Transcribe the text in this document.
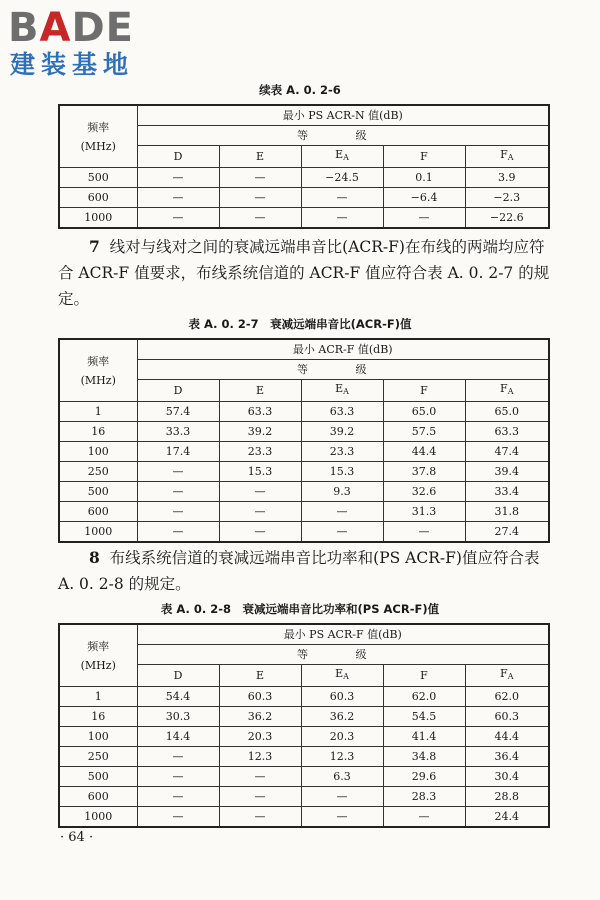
BADE
建装基地
续表 A. 0. 2-6
频率
(MHz)	最小 PS ACR-N 值(dB)				
	等 级				
	D	E	$E_A$	F	$F_A$
500	—	—	−24.5	0.1	3.9
600	—	—	—	−6.4	−2.3
1000	—	—	—	—	−22.6
7 线对与线对之间的衰减远端串音比(ACR-F)在布线的两端均应符合 ACR-F 值要求，布线系统信道的 ACR-F 值应符合表 A. 0. 2-7 的规定。
表 A. 0. 2-7　衰减远端串音比(ACR-F)值
频率
(MHz)	最小 ACR-F 值(dB)				
	等 级				
	D	E	$E_A$	F	$F_A$
1	57.4	63.3	63.3	65.0	65.0
16	33.3	39.2	39.2	57.5	63.3
100	17.4	23.3	23.3	44.4	47.4
250	—	15.3	15.3	37.8	39.4
500	—	—	9.3	32.6	33.4
600	—	—	—	31.3	31.8
1000	—	—	—	—	27.4
8 布线系统信道的衰减远端串音比功率和(PS ACR-F)值应符合表 A. 0. 2-8 的规定。
表 A. 0. 2-8　衰减远端串音比功率和(PS ACR-F)值
频率
(MHz)	最小 PS ACR-F 值(dB)				
	等 级				
	D	E	$E_A$	F	$F_A$
1	54.4	60.3	60.3	62.0	62.0
16	30.3	36.2	36.2	54.5	60.3
100	14.4	20.3	20.3	41.4	44.4
250	—	12.3	12.3	34.8	36.4
500	—	—	6.3	29.6	30.4
600	—	—	—	28.3	28.8
1000	—	—	—	—	24.4
· 64 ·
